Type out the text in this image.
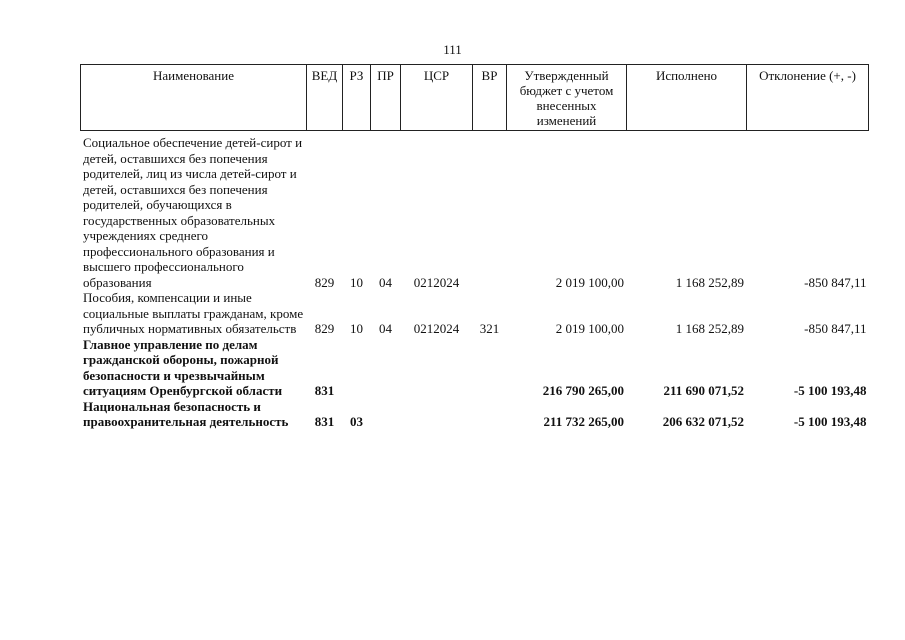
111
Наименование	ВЕД	РЗ	ПР	ЦСР	ВР	Утвержденный бюджет с учетом внесенных изменений	Исполнено	Отклонение (+, -)

Социальное обеспечение детей-сирот и детей, оставшихся без попечения родителей, лиц из числа детей-сирот и детей, оставшихся без попечения родителей, обучающихся в государственных образовательных учреждениях среднего профессионального образования и высшего профессионального образования	829	10	04	0212024		2 019 100,00	1 168 252,89	-850 847,11
Пособия, компенсации и иные социальные выплаты гражданам, кроме публичных нормативных обязательств	829	10	04	0212024	321	2 019 100,00	1 168 252,89	-850 847,11
Главное управление по делам гражданской обороны, пожарной безопасности и чрезвычайным ситуациям Оренбургской области	831					216 790 265,00	211 690 071,52	-5 100 193,48
Национальная безопасность и правоохранительная деятельность	831	03				211 732 265,00	206 632 071,52	-5 100 193,48
